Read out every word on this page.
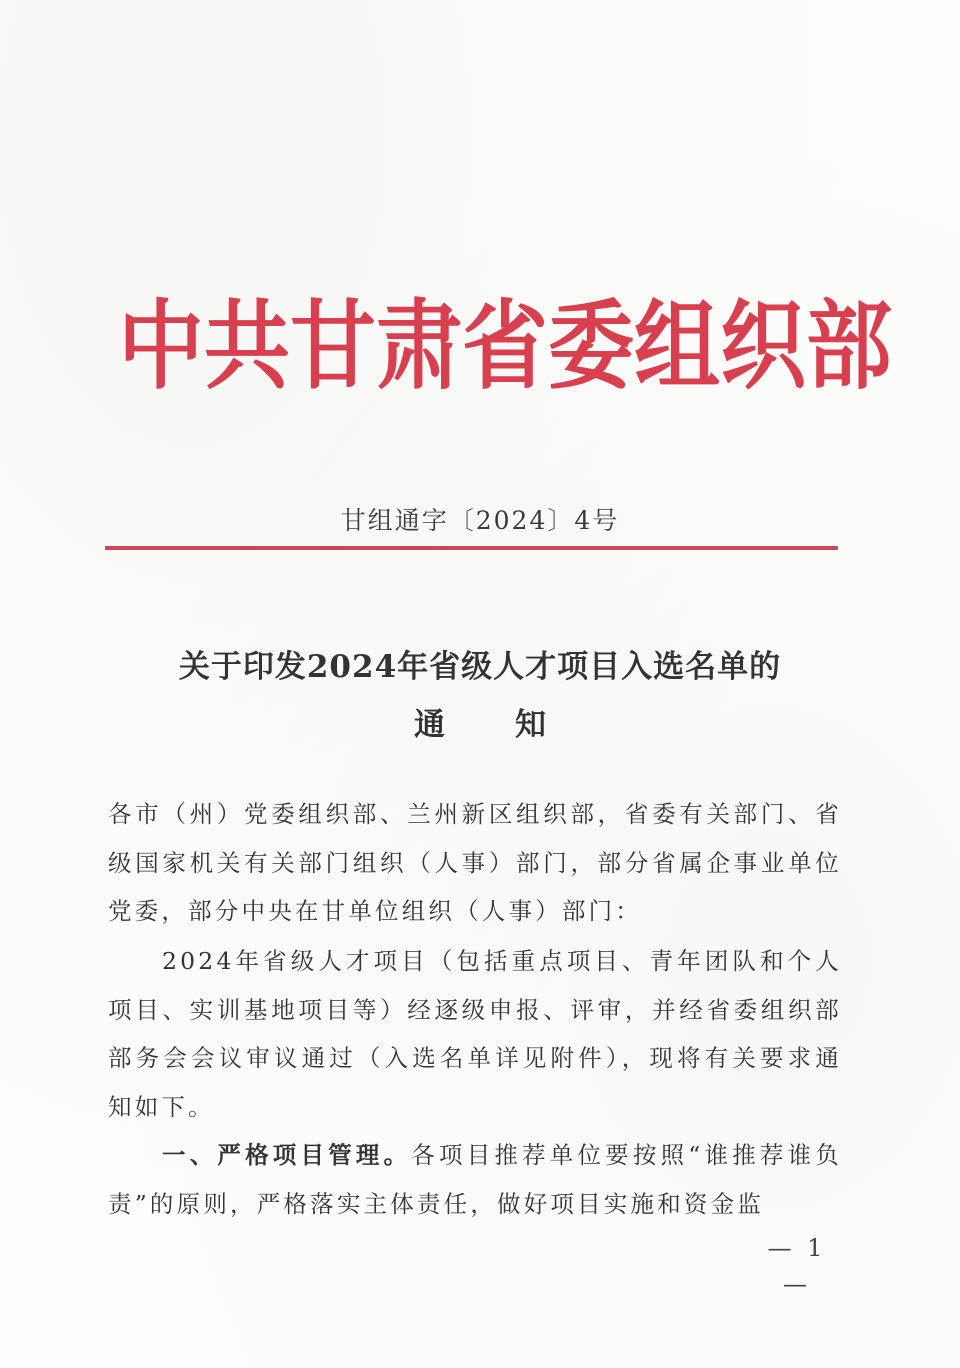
中 共 甘 肃 省 委 组 织 部
甘组通字〔2024〕4号
关于印发2024年省级人才项目入选名单的
通 知
各市（州）党委组织部、兰州新区组织部，省委有关部门、省级国家机关有关部门组织（人事）部门，部分省属企事业单位党委，部分中央在甘单位组织（人事）部门：
2024年省级人才项目（包括重点项目、青年团队和个人项目、实训基地项目等）经逐级申报、评审，并经省委组织部部务会会议审议通过（入选名单详见附件），现将有关要求通知如下。
一、严格项目管理。各项目推荐单位要按照“谁推荐谁负责”的原则，严格落实主体责任，做好项目实施和资金监
— 1 —
